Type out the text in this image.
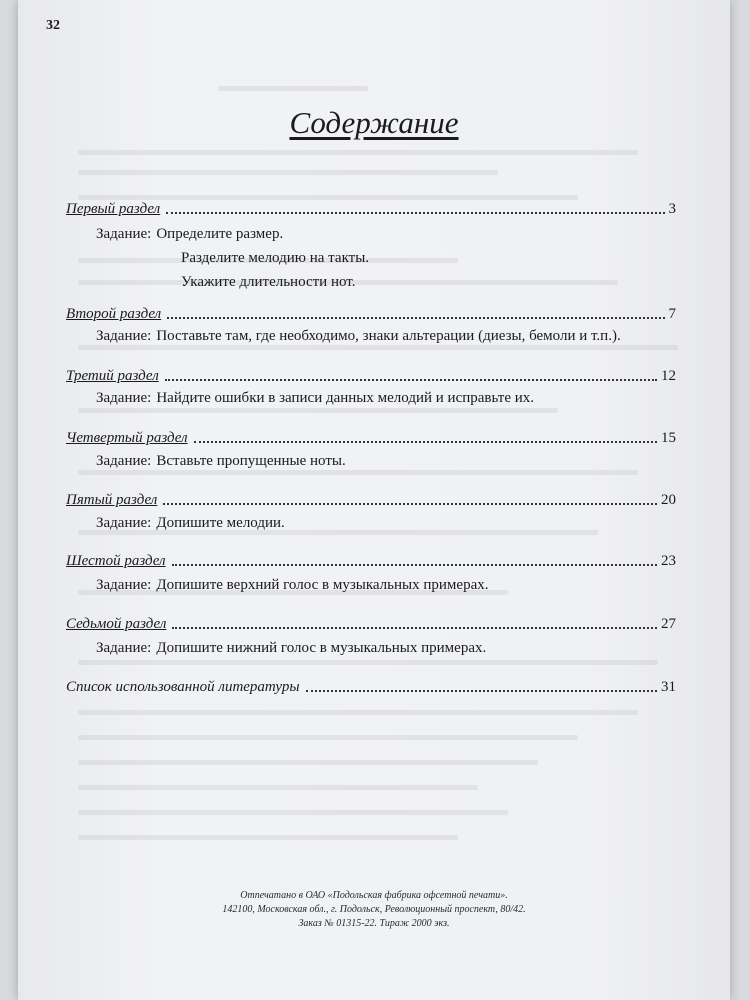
32
Содержание
Первый раздел	3
Задание: Определите размер.
Разделите мелодию на такты.
Укажите длительности нот.
Второй раздел	7
Задание: Поставьте там, где необходимо, знаки альтерации (диезы, бемоли и т.п.).
Третий раздел	12
Задание: Найдите ошибки в записи данных мелодий и исправьте их.
Четвертый раздел	15
Задание: Вставьте пропущенные ноты.
Пятый раздел	20
Задание: Допишите мелодии.
Шестой раздел	23
Задание: Допишите верхний голос в музыкальных примерах.
Седьмой раздел	27
Задание: Допишите нижний голос в музыкальных примерах.
Список использованной литературы	31
Отпечатано в ОАО «Подольская фабрика офсетной печати».
142100, Московская обл., г. Подольск, Революционный проспект, 80/42.
Заказ № 01315-22. Тираж 2000 экз.
